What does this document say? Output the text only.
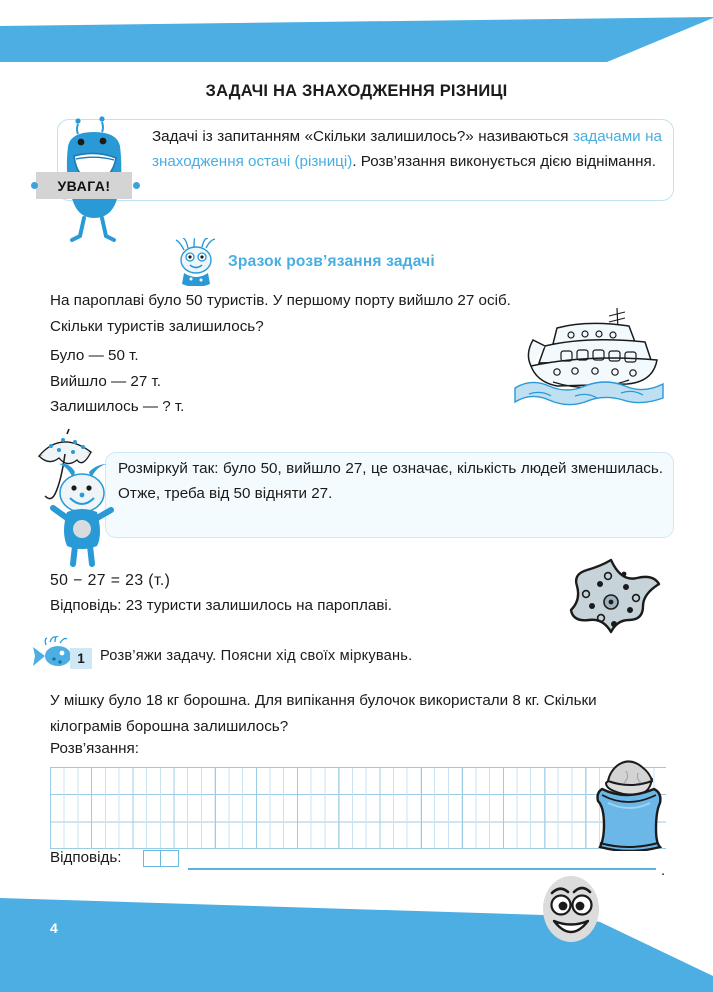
ЗАДАЧІ НА ЗНАХОДЖЕННЯ РІЗНИЦІ
УВАГА!
Задачі із запитанням «Скільки залишилось?» називаються задачами на знаходження остачі (різниці). Розв’язання виконується дією віднімання.
Зразок розв’язання задачі
На пароплаві було 50 туристів. У першому порту вийшло 27 осіб. Скільки туристів залишилось?
Було — 50 т.
Вийшло — 27 т.
Залишилось — ? т.
Розміркуй так: було 50, вийшло 27, це означає, кількість людей зменшилась. Отже, треба від 50 відняти 27.
50 − 27 = 23 (т.)
Відповідь: 23 туристи залишилось на пароплаві.
1 Розв’яжи задачу. Поясни хід своїх міркувань.
У мішку було 18 кг борошна. Для випікання булочок використали 8 кг. Скільки кілограмів борошна залишилось?
Розв’язання:
Відповідь:
.
4
